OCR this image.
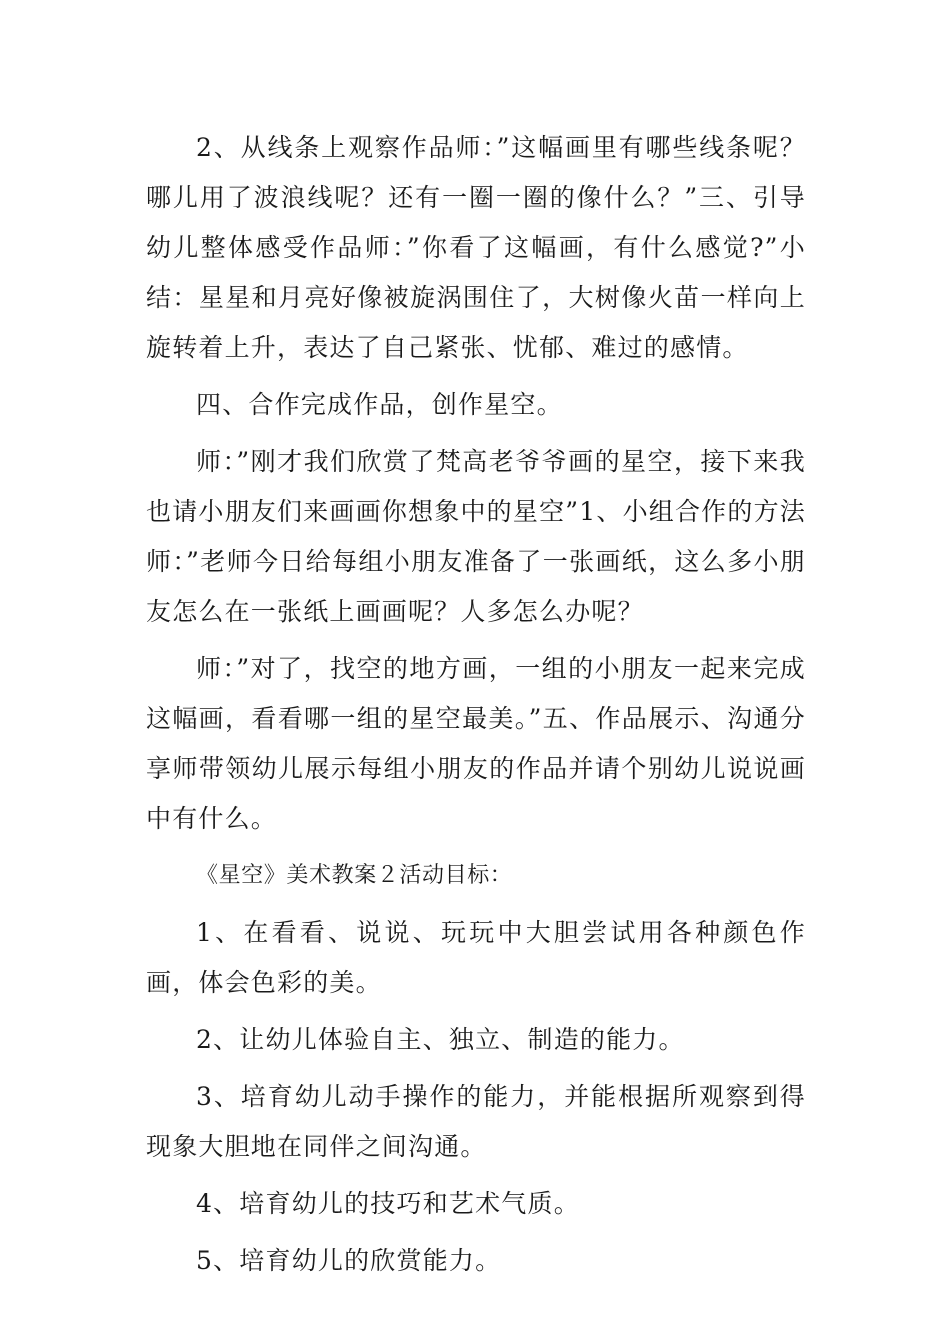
2、从线条上观察作品师：”这幅画里有哪些线条呢？哪儿用了波浪线呢？还有一圈一圈的像什么？”三、引导幼儿整体感受作品师：”你看了这幅画，有什么感觉?”小结：星星和月亮好像被旋涡围住了，大树像火苗一样向上旋转着上升，表达了自己紧张、忧郁、难过的感情。

四、合作完成作品，创作星空。

师：”刚才我们欣赏了梵高老爷爷画的星空，接下来我也请小朋友们来画画你想象中的星空”1、小组合作的方法师：”老师今日给每组小朋友准备了一张画纸，这么多小朋友怎么在一张纸上画画呢？人多怎么办呢？

师：”对了，找空的地方画，一组的小朋友一起来完成这幅画，看看哪一组的星空最美。”五、作品展示、沟通分享师带领幼儿展示每组小朋友的作品并请个别幼儿说说画中有什么。

《星空》美术教案２活动目标：

1、在看看、说说、玩玩中大胆尝试用各种颜色作画，体会色彩的美。

2、让幼儿体验自主、独立、制造的能力。

3、培育幼儿动手操作的能力，并能根据所观察到得现象大胆地在同伴之间沟通。

4、培育幼儿的技巧和艺术气质。

5、培育幼儿的欣赏能力。
